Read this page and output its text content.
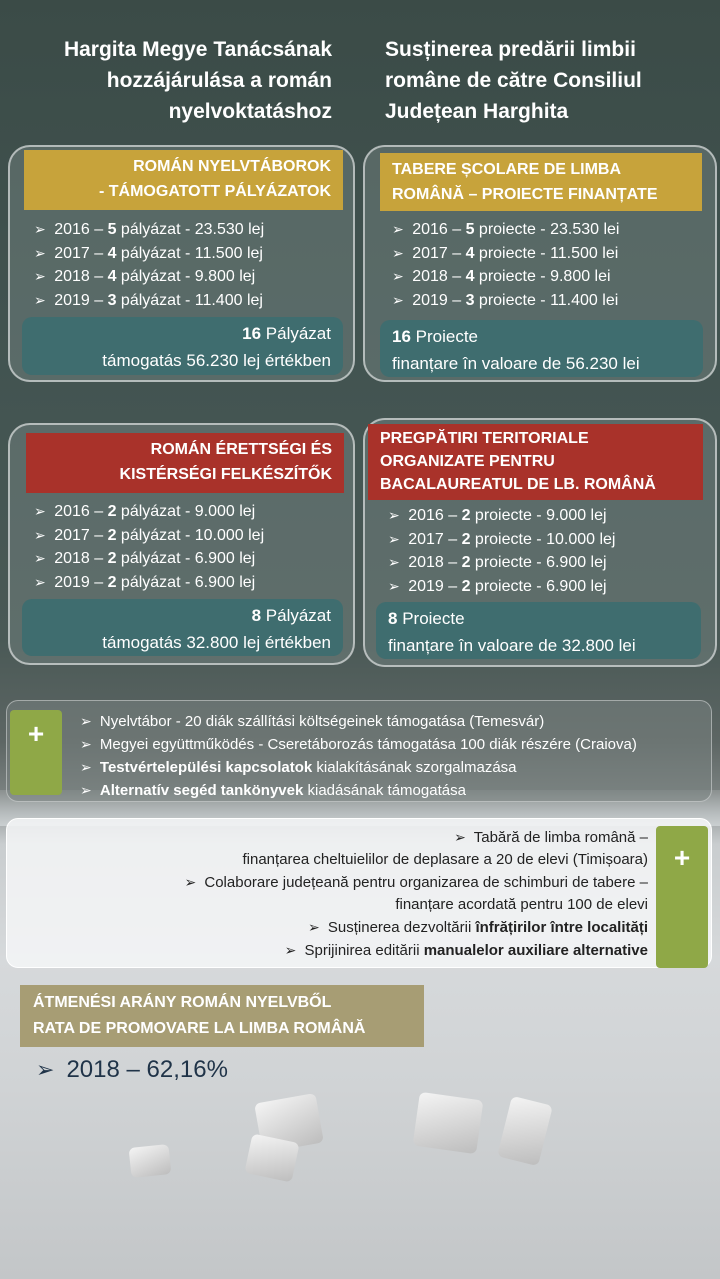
Hargita Megye Tanácsának hozzájárulása a román nyelvoktatáshoz
Susținerea predării limbii române de către Consiliul Județean Harghita
ROMÁN NYELVTÁBOROK
- TÁMOGATOTT PÁLYÁZATOK
➢ 2016 – 5 pályázat - 23.530 lej
➢ 2017 – 4 pályázat - 11.500 lej
➢ 2018 – 4 pályázat - 9.800 lej
➢ 2019 – 3 pályázat - 11.400 lej
16 Pályázat
támogatás 56.230 lej értékben
TABERE ȘCOLARE DE LIMBA
ROMÂNĂ – PROIECTE FINANȚATE
➢ 2016 – 5 proiecte - 23.530 lei
➢ 2017 – 4 proiecte - 11.500 lei
➢ 2018 – 4 proiecte - 9.800 lei
➢ 2019 – 3 proiecte - 11.400 lei
16 Proiecte
finanțare în valoare de 56.230 lei
ROMÁN ÉRETTSÉGI ÉS
KISTÉRSÉGI FELKÉSZÍTŐK
➢ 2016 – 2 pályázat - 9.000 lej
➢ 2017 – 2 pályázat - 10.000 lej
➢ 2018 – 2 pályázat - 6.900 lej
➢ 2019 – 2 pályázat - 6.900 lej
8 Pályázat
támogatás 32.800 lej értékben
PREGPĂTIRI TERITORIALE
ORGANIZATE PENTRU
BACALAUREATUL DE LB. ROMÂNĂ
➢ 2016 – 2 proiecte - 9.000 lej
➢ 2017 – 2 proiecte - 10.000 lej
➢ 2018 – 2 proiecte - 6.900 lej
➢ 2019 – 2 proiecte - 6.900 lej
8 Proiecte
finanțare în valoare de 32.800 lei
+	➢ Nyelvtábor - 20 diák szállítási költségeinek támogatása (Temesvár)
➢ Megyei együttműködés - Cseretáborozás támogatása 100 diák részére (Craiova)
➢ Testvértelepülési kapcsolatok kialakításának szorgalmazása
➢ Alternatív segéd tankönyvek kiadásának támogatása
+
➢ Tabără de limba română –
finanțarea cheltuielilor de deplasare a 20 de elevi (Timișoara)
➢ Colaborare județeană pentru organizarea de schimburi de tabere –
finanțare acordată pentru 100 de elevi
➢ Susținerea dezvoltării înfrățirilor între localități
➢ Sprijinirea editării manualelor auxiliare alternative
ÁTMENÉSI ARÁNY ROMÁN NYELVBŐL
RATA DE PROMOVARE LA LIMBA ROMÂNĂ
➢ 2018 – 62,16%
